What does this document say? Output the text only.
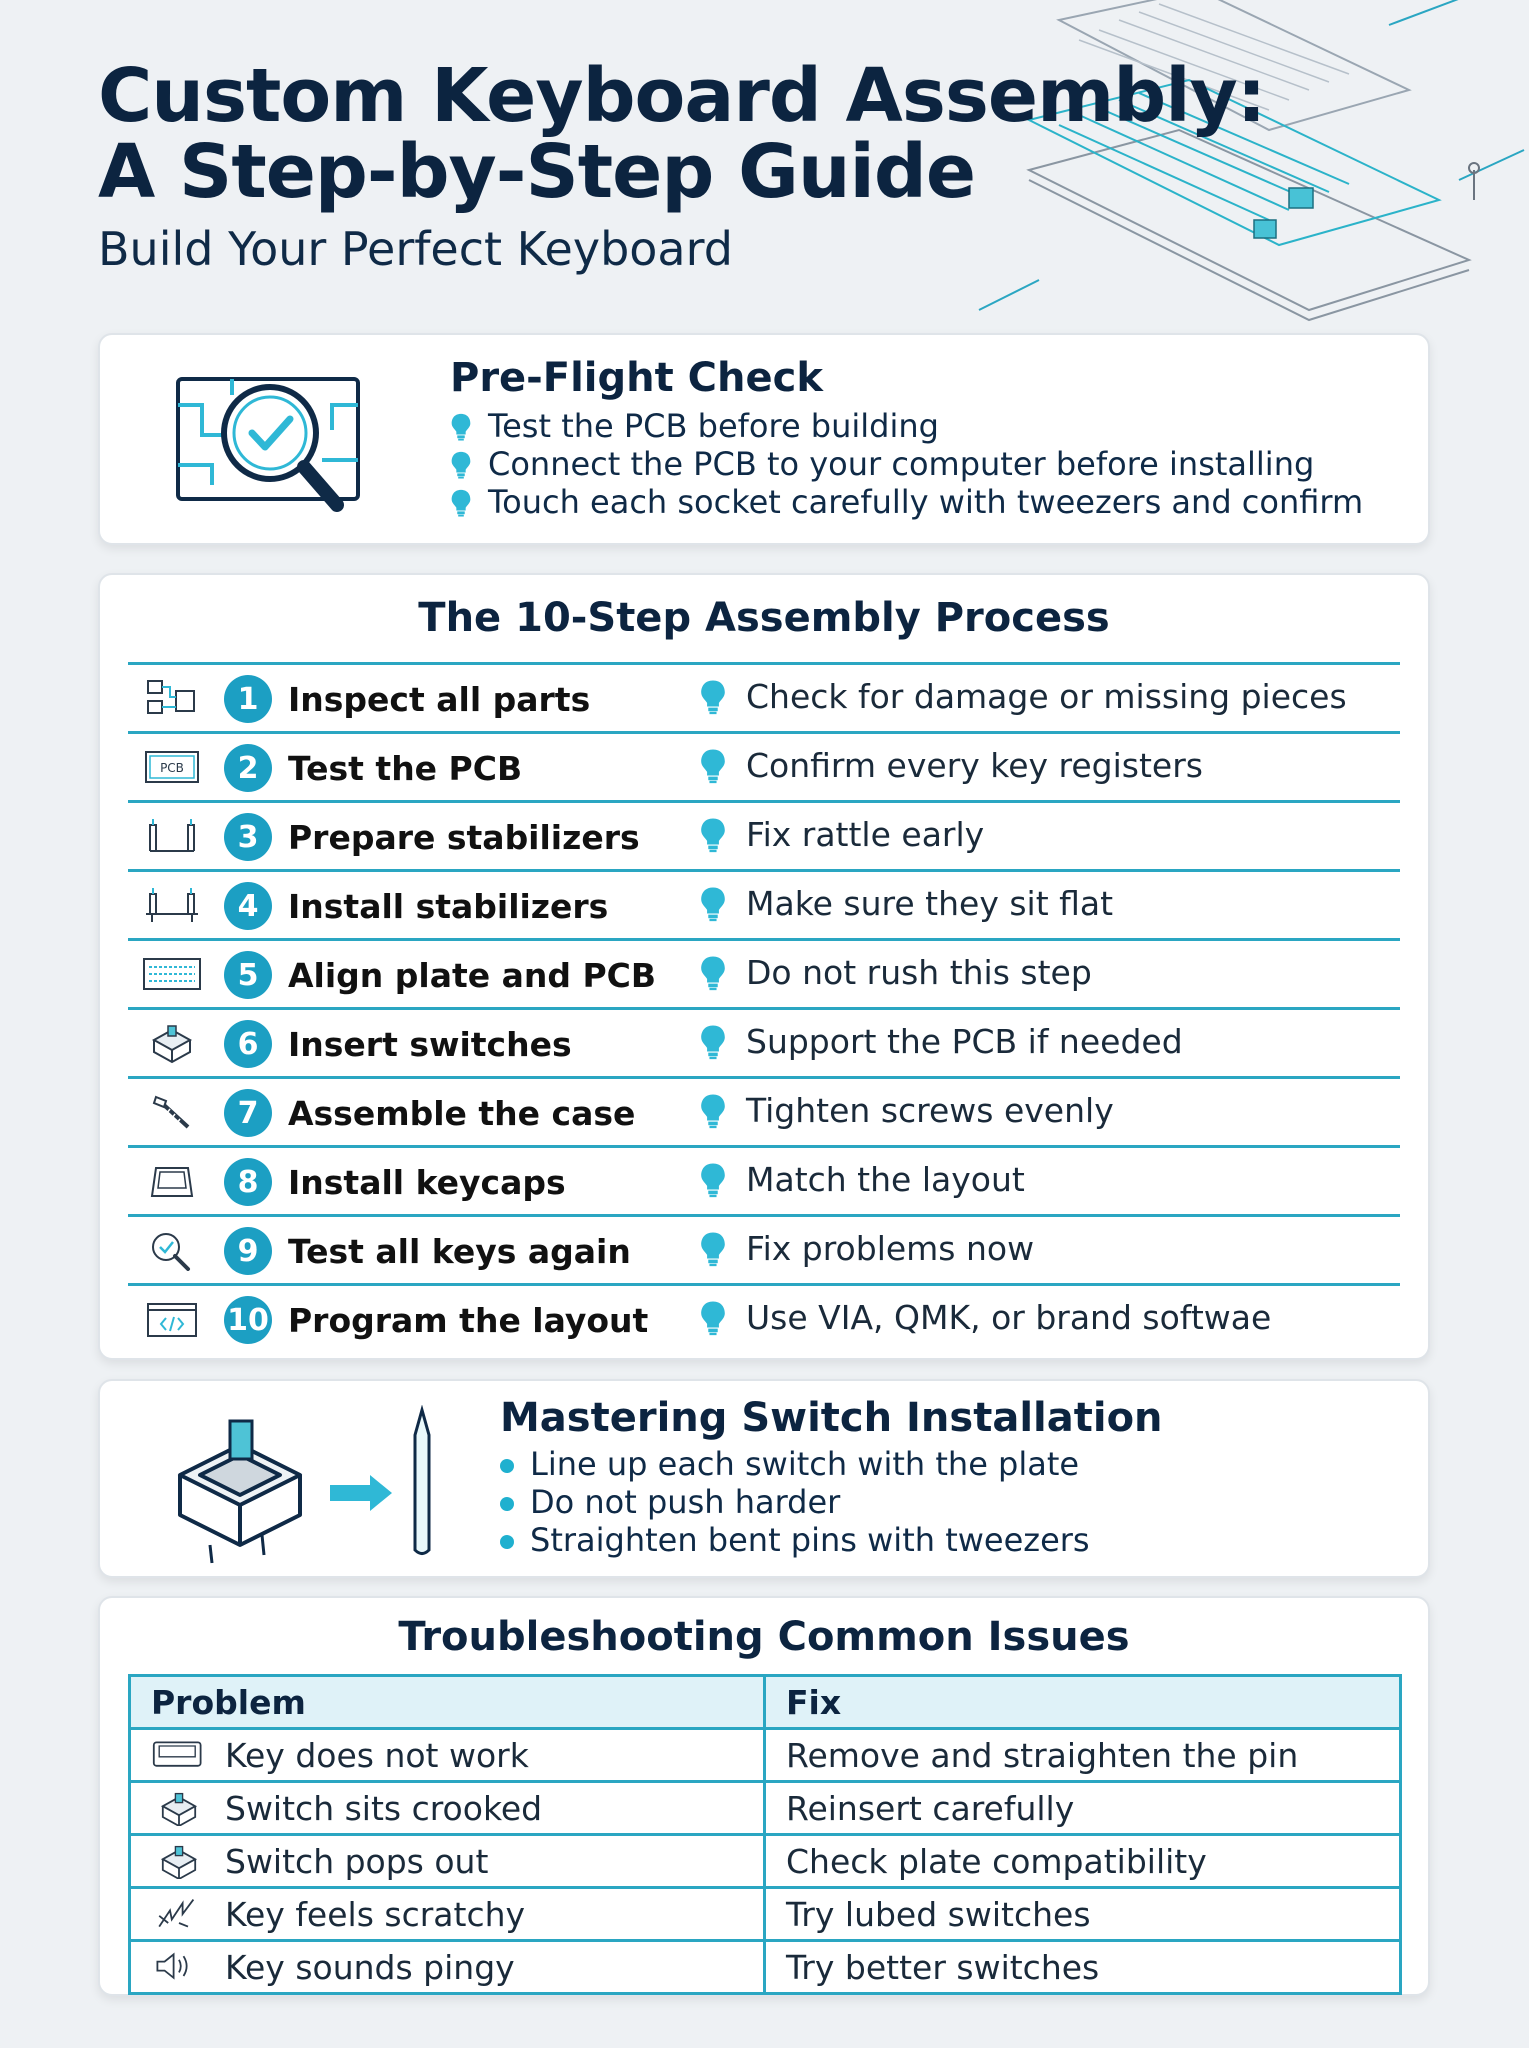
Custom Keyboard Assembly:
A Step-by-Step Guide
Build Your Perfect Keyboard
Pre-Flight Check
Test the PCB before building
Connect the PCB to your computer before installing
Touch each socket carefully with tweezers and confirm
The 10-Step Assembly Process
1 Inspect all parts	Check for damage or missing pieces
PCB	2 Test the PCB	Confirm every key registers
3 Prepare stabilizers	Fix rattle early
4 Install stabilizers	Make sure they sit flat
5 Align plate and PCB	Do not rush this step
6 Insert switches	Support the PCB if needed
7 Assemble the case	Tighten screws evenly
8 Install keycaps	Match the layout
9 Test all keys again	Fix problems now
10 Program the layout	Use VIA, QMK, or brand softwae
Mastering Switch Installation
Line up each switch with the plate
Do not push harder
Straighten bent pins with tweezers
Troubleshooting Common Issues
Problem	Fix
Key does not work	Remove and straighten the pin
Switch sits crooked	Reinsert carefully
Switch pops out	Check plate compatibility
Key feels scratchy	Try lubed switches
Key sounds pingy	Try better switches
